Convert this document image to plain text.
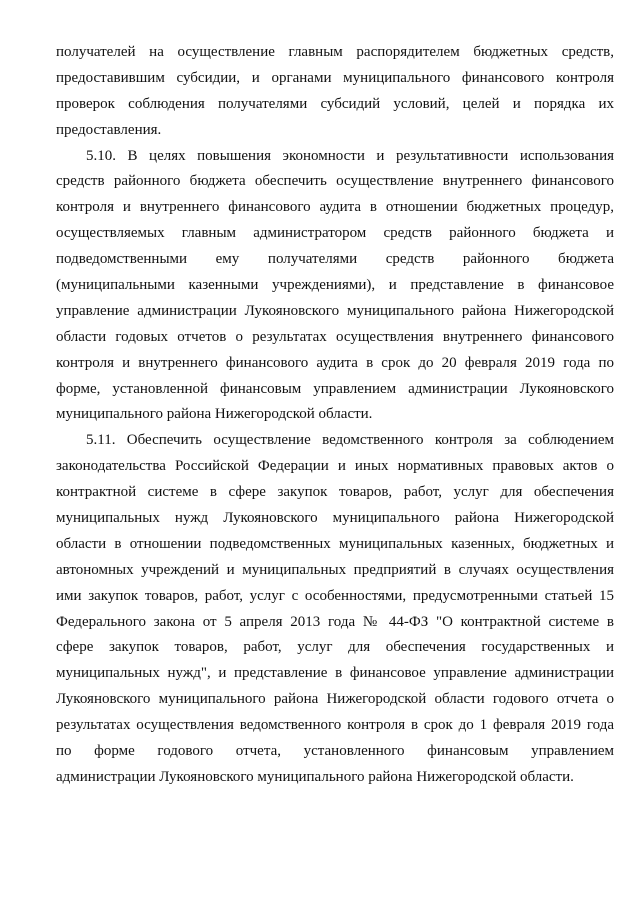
получателей на осуществление главным распорядителем бюджетных средств,
предоставившим субсидии, и органами муниципального финансового контроля
проверок соблюдения получателями субсидий условий, целей и порядка их
предоставления.
5.10. В целях повышения экономности и результативности использования
средств районного бюджета обеспечить осуществление внутреннего финансового
контроля и внутреннего финансового аудита в отношении бюджетных процедур,
осуществляемых главным администратором средств районного бюджета и
подведомственными ему получателями средств районного бюджета
(муниципальными казенными учреждениями), и представление в финансовое
управление администрации Лукояновского муниципального района Нижегородской
области годовых отчетов о результатах осуществления внутреннего финансового
контроля и внутреннего финансового аудита в срок до 20 февраля 2019 года по
форме, установленной финансовым управлением администрации Лукояновского
муниципального района Нижегородской области.
5.11. Обеспечить осуществление ведомственного контроля за соблюдением
законодательства Российской Федерации и иных нормативных правовых актов о
контрактной системе в сфере закупок товаров, работ, услуг для обеспечения
муниципальных нужд Лукояновского муниципального района Нижегородской
области в отношении подведомственных муниципальных казенных, бюджетных и
автономных учреждений и муниципальных предприятий в случаях осуществления
ими закупок товаров, работ, услуг с особенностями, предусмотренными статьей 15
Федерального закона от 5 апреля 2013 года № 44-ФЗ "О контрактной системе в
сфере закупок товаров, работ, услуг для обеспечения государственных и
муниципальных нужд", и представление в финансовое управление администрации
Лукояновского муниципального района Нижегородской области годового отчета о
результатах осуществления ведомственного контроля в срок до 1 февраля 2019 года
по форме годового отчета, установленного финансовым управлением
администрации Лукояновского муниципального района Нижегородской области.
